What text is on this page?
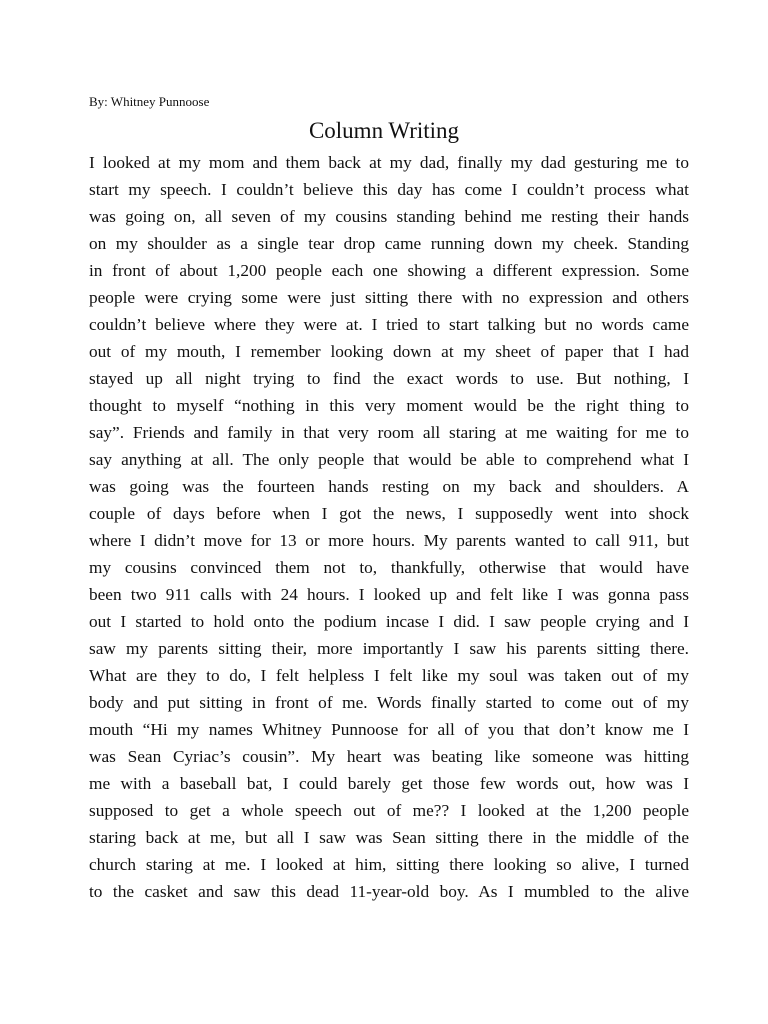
By: Whitney Punnoose
Column Writing
I looked at my mom and them back at my dad, finally my dad gesturing me to
start my speech. I couldn’t believe this day has come I couldn’t process what
was going on, all seven of my cousins standing behind me resting their hands
on my shoulder as a single tear drop came running down my cheek. Standing
in front of about 1,200 people each one showing a different expression. Some
people were crying some were just sitting there with no expression and others
couldn’t believe where they were at. I tried to start talking but no words came
out of my mouth, I remember looking down at my sheet of paper that I had
stayed up all night trying to find the exact words to use. But nothing, I
thought to myself “nothing in this very moment would be the right thing to
say”. Friends and family in that very room all staring at me waiting for me to
say anything at all. The only people that would be able to comprehend what I
was going was the fourteen hands resting on my back and shoulders. A
couple of days before when I got the news, I supposedly went into shock
where I didn’t move for 13 or more hours. My parents wanted to call 911, but
my cousins convinced them not to, thankfully, otherwise that would have
been two 911 calls with 24 hours. I looked up and felt like I was gonna pass
out I started to hold onto the podium incase I did. I saw people crying and I
saw my parents sitting their, more importantly I saw his parents sitting there.
What are they to do, I felt helpless I felt like my soul was taken out of my
body and put sitting in front of me. Words finally started to come out of my
mouth “Hi my names Whitney Punnoose for all of you that don’t know me I
was Sean Cyriac’s cousin”. My heart was beating like someone was hitting
me with a baseball bat, I could barely get those few words out, how was I
supposed to get a whole speech out of me?? I looked at the 1,200 people
staring back at me, but all I saw was Sean sitting there in the middle of the
church staring at me. I looked at him, sitting there looking so alive, I turned
to the casket and saw this dead 11-year-old boy. As I mumbled to the alive
